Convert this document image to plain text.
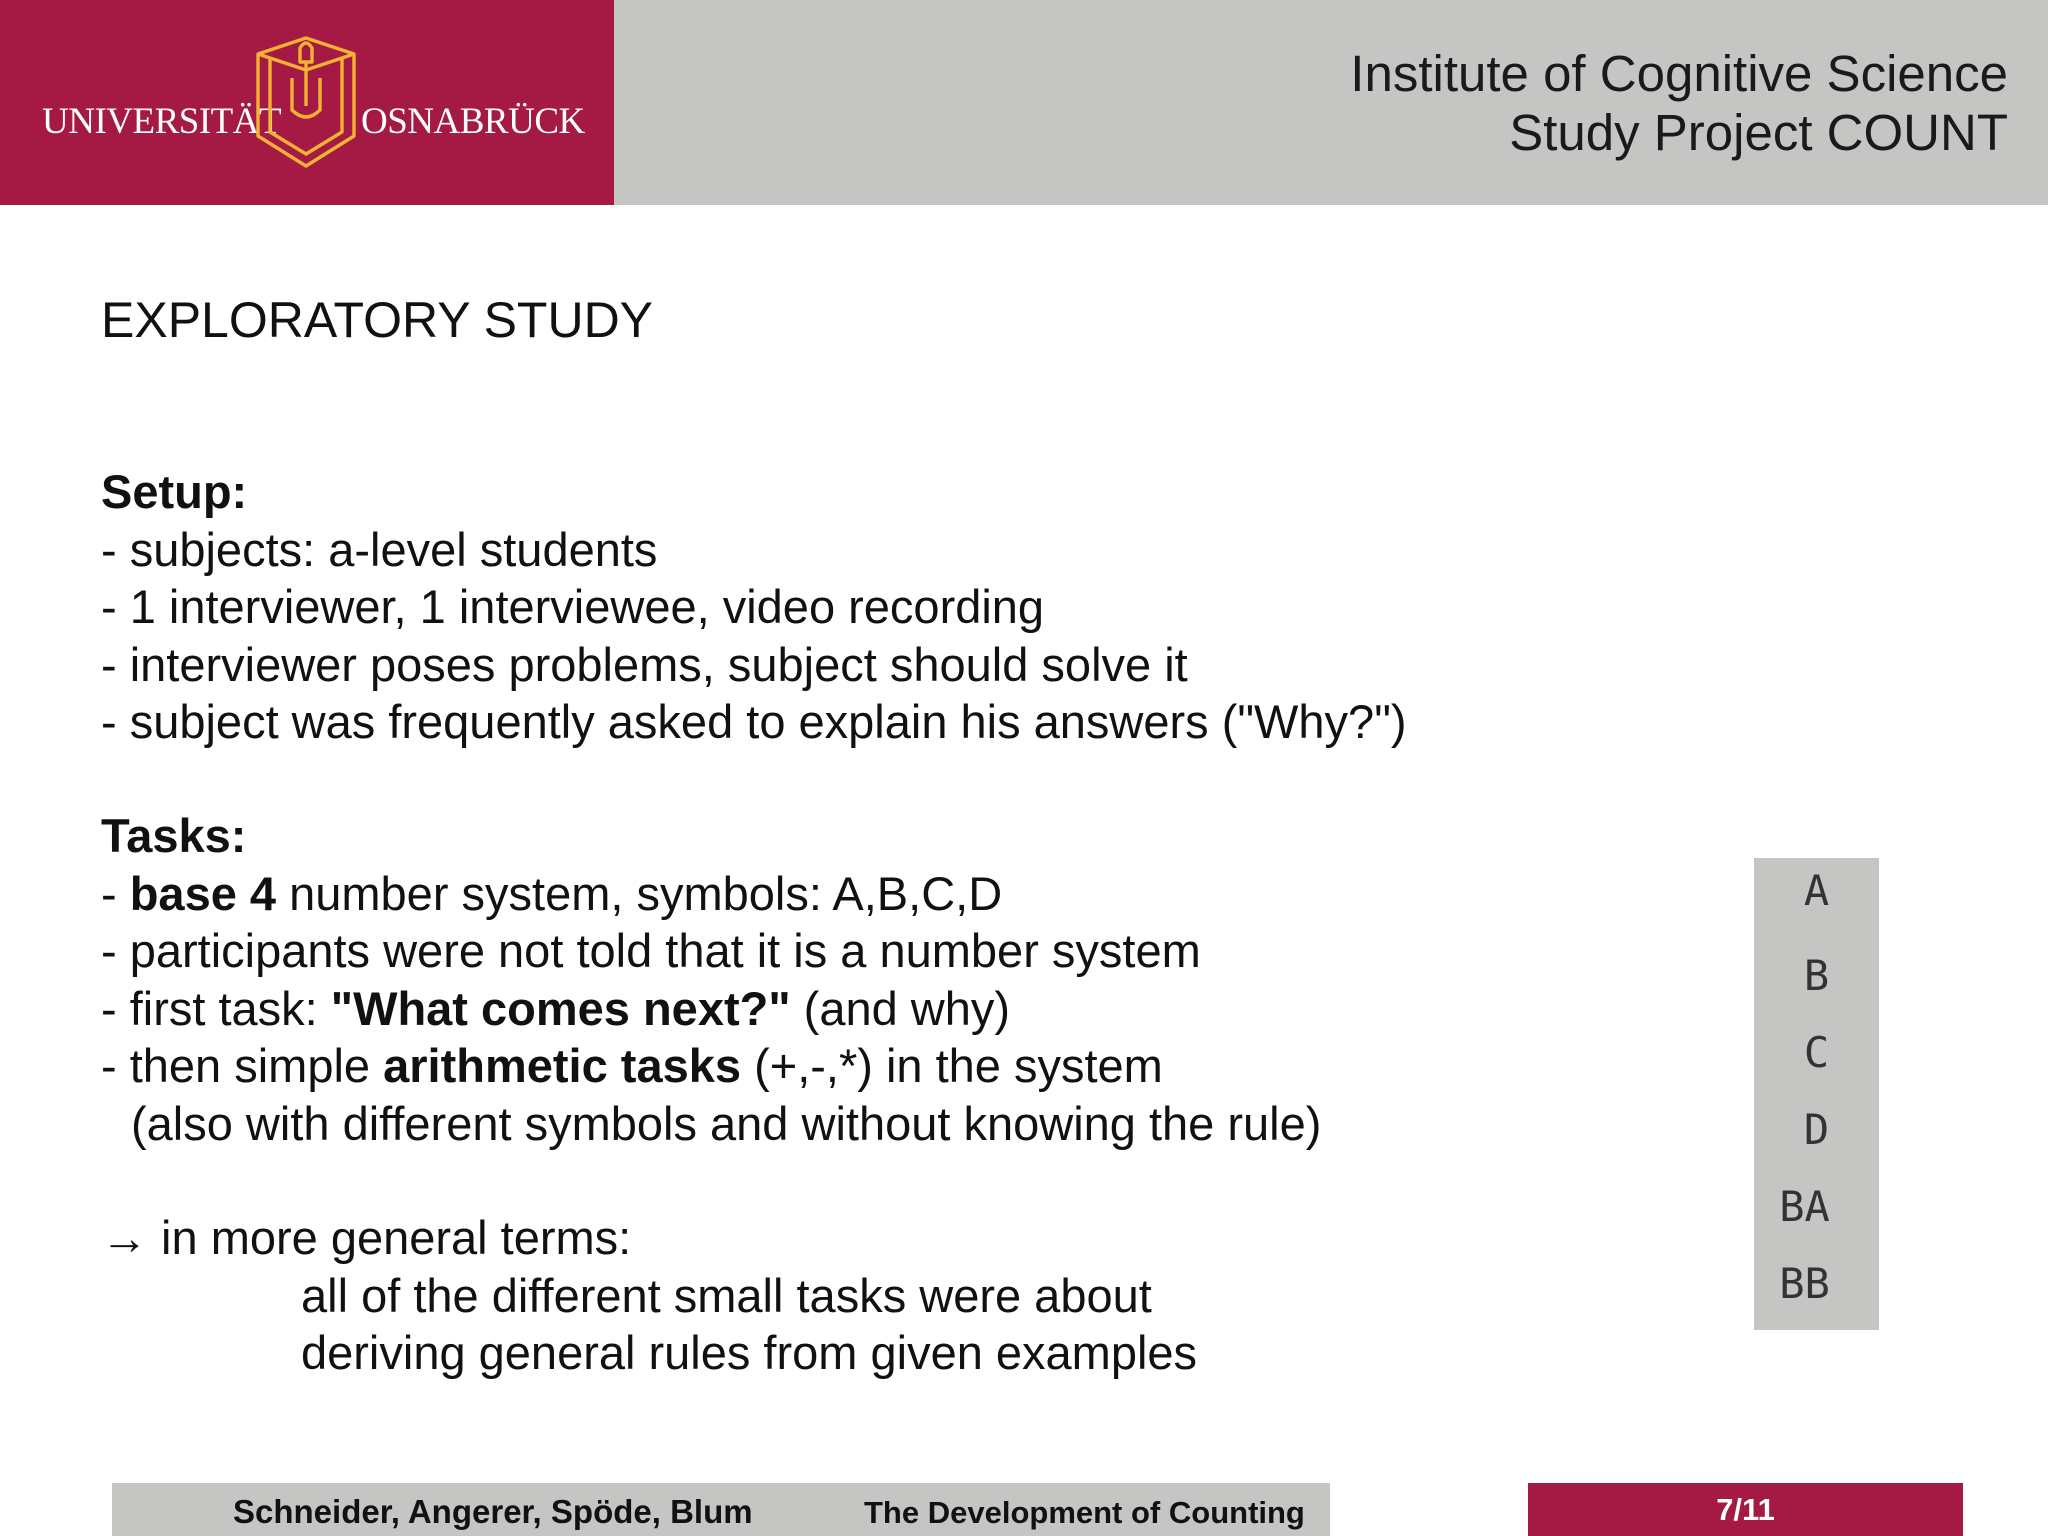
UNIVERSITÄT OSNABRÜCK
Institute of Cognitive Science
Study Project COUNT
EXPLORATORY STUDY
Setup:
- subjects: a-level students
- 1 interviewer, 1 interviewee, video recording
- interviewer poses problems, subject should solve it
- subject was frequently asked to explain his answers ("Why?")
Tasks:
- base 4 number system, symbols: A,B,C,D
- participants were not told that it is a number system
- first task: "What comes next?" (and why)
- then simple arithmetic tasks (+,-,*) in the system
(also with different symbols and without knowing the rule)
→ in more general terms:
all of the different small tasks were about
deriving general rules from given examples
A
B
C
D
BA
BB
Schneider, Angerer, Spöde, Blum	The Development of Counting	7/11
